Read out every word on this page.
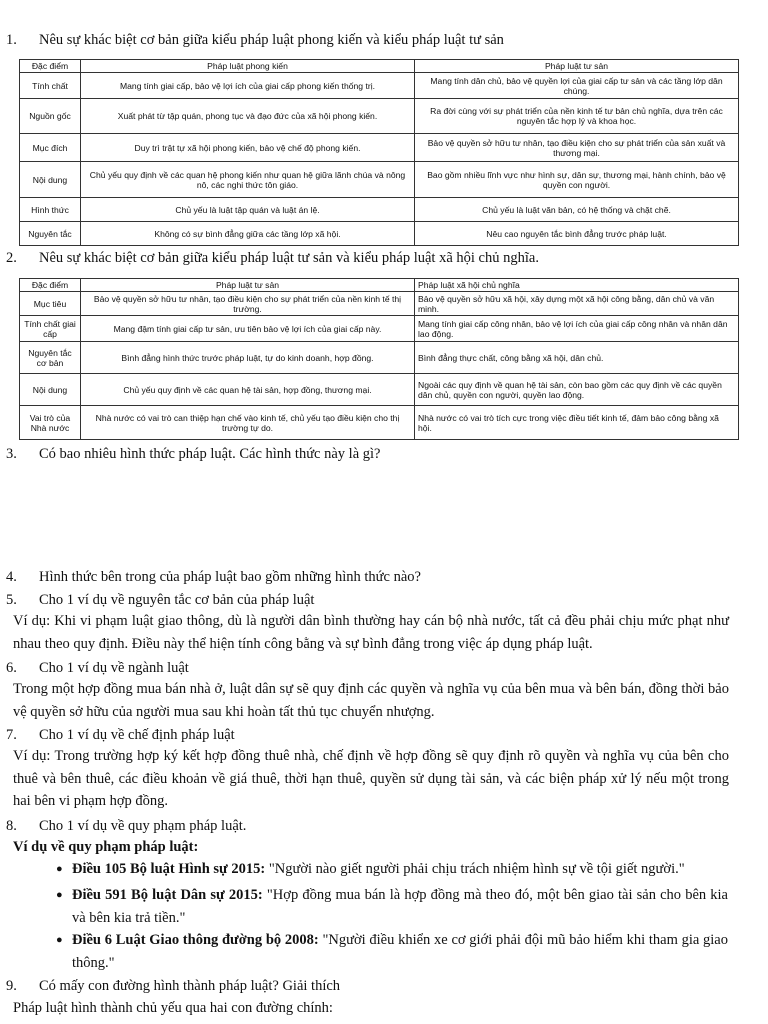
1. Nêu sự khác biệt cơ bản giữa kiểu pháp luật phong kiến và kiểu pháp luật tư sản
Đặc điểm	Pháp luật phong kiến	Pháp luật tư sản
Tính chất	Mang tính giai cấp, bảo vệ lợi ích của giai cấp phong kiến thống trị.	Mang tính dân chủ, bảo vệ quyền lợi của giai cấp tư sản và các tầng lớp dân chúng.
Nguồn gốc	Xuất phát từ tập quán, phong tục và đạo đức của xã hội phong kiến.	Ra đời cùng với sự phát triển của nền kinh tế tư bản chủ nghĩa, dựa trên các nguyên tắc hợp lý và khoa học.
Mục đích	Duy trì trật tự xã hội phong kiến, bảo vệ chế độ phong kiến.	Bảo vệ quyền sở hữu tư nhân, tạo điều kiện cho sự phát triển của sản xuất và thương mại.
Nội dung	Chủ yếu quy định về các quan hệ phong kiến như quan hệ giữa lãnh chúa và nông nô, các nghi thức tôn giáo.	Bao gồm nhiều lĩnh vực như hình sự, dân sự, thương mại, hành chính, bảo vệ quyền con người.
Hình thức	Chủ yếu là luật tập quán và luật án lệ.	Chủ yếu là luật văn bản, có hệ thống và chặt chẽ.
Nguyên tắc	Không có sự bình đẳng giữa các tầng lớp xã hội.	Nêu cao nguyên tắc bình đẳng trước pháp luật.
2. Nêu sự khác biệt cơ bản giữa kiểu pháp luật tư sản và kiểu pháp luật xã hội chủ nghĩa.
Đặc điểm	Pháp luật tư sản	Pháp luật xã hội chủ nghĩa
Mục tiêu	Bảo vệ quyền sở hữu tư nhân, tạo điều kiện cho sự phát triển của nền kinh tế thị trường.	Bảo vệ quyền sở hữu xã hội, xây dựng một xã hội công bằng, dân chủ và văn minh.
Tính chất giai cấp	Mang đậm tính giai cấp tư sản, ưu tiên bảo vệ lợi ích của giai cấp này.	Mang tính giai cấp công nhân, bảo vệ lợi ích của giai cấp công nhân và nhân dân lao động.
Nguyên tắc cơ bản	Bình đẳng hình thức trước pháp luật, tự do kinh doanh, hợp đồng.	Bình đẳng thực chất, công bằng xã hội, dân chủ.
Nội dung	Chủ yếu quy định về các quan hệ tài sản, hợp đồng, thương mại.	Ngoài các quy định về quan hệ tài sản, còn bao gồm các quy định về các quyền dân chủ, quyền con người, quyền lao động.
Vai trò của Nhà nước	Nhà nước có vai trò can thiệp hạn chế vào kinh tế, chủ yếu tạo điều kiện cho thị trường tự do.	Nhà nước có vai trò tích cực trong việc điều tiết kinh tế, đảm bảo công bằng xã hội.
3. Có bao nhiêu hình thức pháp luật. Các hình thức này là gì?
4. Hình thức bên trong của pháp luật bao gồm những hình thức nào?
5. Cho 1 ví dụ về nguyên tắc cơ bản của pháp luật
Ví dụ: Khi vi phạm luật giao thông, dù là người dân bình thường hay cán bộ nhà nước, tất cả đều phải chịu mức phạt như nhau theo quy định. Điều này thể hiện tính công bằng và sự bình đẳng trong việc áp dụng pháp luật.
6. Cho 1 ví dụ về ngành luật
Trong một hợp đồng mua bán nhà ở, luật dân sự sẽ quy định các quyền và nghĩa vụ của bên mua và bên bán, đồng thời bảo vệ quyền sở hữu của người mua sau khi hoàn tất thủ tục chuyển nhượng.
7. Cho 1 ví dụ về chế định pháp luật
Ví dụ: Trong trường hợp ký kết hợp đồng thuê nhà, chế định về hợp đồng sẽ quy định rõ quyền và nghĩa vụ của bên cho thuê và bên thuê, các điều khoản về giá thuê, thời hạn thuê, quyền sử dụng tài sản, và các biện pháp xử lý nếu một trong hai bên vi phạm hợp đồng.
8. Cho 1 ví dụ về quy phạm pháp luật.
Ví dụ về quy phạm pháp luật:
● Điều 105 Bộ luật Hình sự 2015: "Người nào giết người phải chịu trách nhiệm hình sự về tội giết người."
● Điều 591 Bộ luật Dân sự 2015: "Hợp đồng mua bán là hợp đồng mà theo đó, một bên giao tài sản cho bên kia và bên kia trả tiền."
● Điều 6 Luật Giao thông đường bộ 2008: "Người điều khiển xe cơ giới phải đội mũ bảo hiểm khi tham gia giao thông."
9. Có mấy con đường hình thành pháp luật? Giải thích
Pháp luật hình thành chủ yếu qua hai con đường chính:
